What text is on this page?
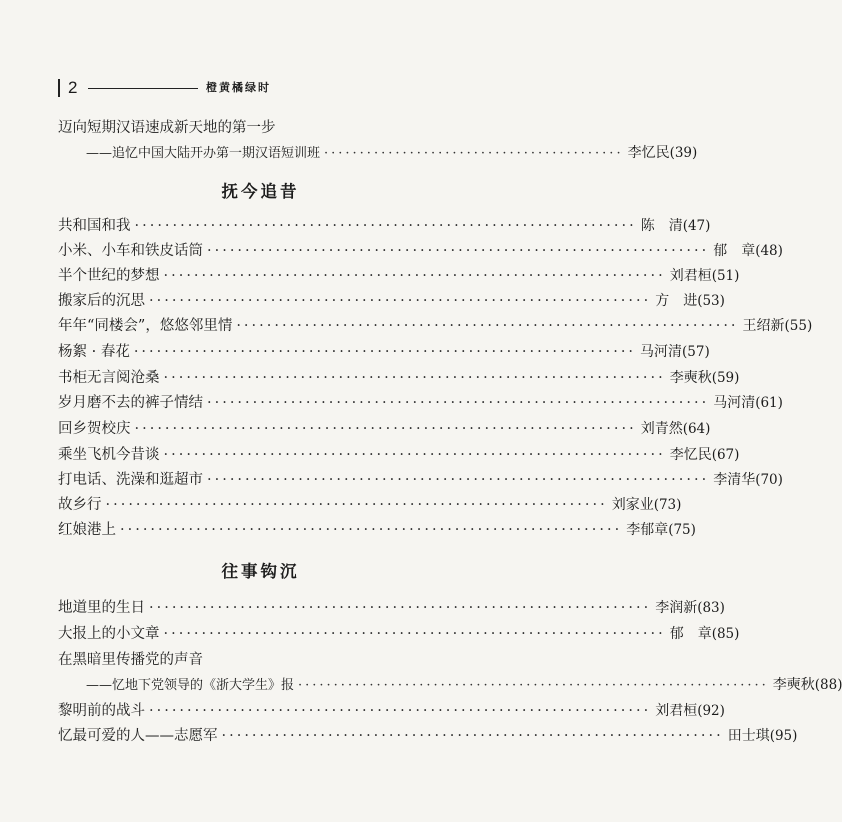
2	橙黄橘绿时
迈向短期汉语速成新天地的第一步
——追忆中国大陆开办第一期汉语短训班 ·········································· 李忆民 (39)
抚今追昔
共和国和我 ·································································· 陈　清 (47)
小米、小车和铁皮话筒 ·································································· 郁　章 (48)
半个世纪的梦想 ·································································· 刘君桓 (51)
搬家后的沉思 ·································································· 方　进 (53)
年年“同楼会”，悠悠邻里情 ·································································· 王绍新 (55)
杨絮 · 春花 ·································································· 马河清 (57)
书柜无言阅沧桑 ·································································· 李奭秋 (59)
岁月磨不去的裤子情结 ·································································· 马河清 (61)
回乡贺校庆 ·································································· 刘青然 (64)
乘坐飞机今昔谈 ·································································· 李忆民 (67)
打电话、洗澡和逛超市 ·································································· 李清华 (70)
故乡行 ·································································· 刘家业 (73)
红娘港上 ·································································· 李郁章 (75)
往事钩沉
地道里的生日 ·································································· 李润新 (83)
大报上的小文章 ·································································· 郁　章 (85)
在黑暗里传播党的声音
——忆地下党领导的《浙大学生》报 ·································································· 李奭秋 (88)
黎明前的战斗 ·································································· 刘君桓 (92)
忆最可爱的人——志愿军 ·································································· 田士琪 (95)
